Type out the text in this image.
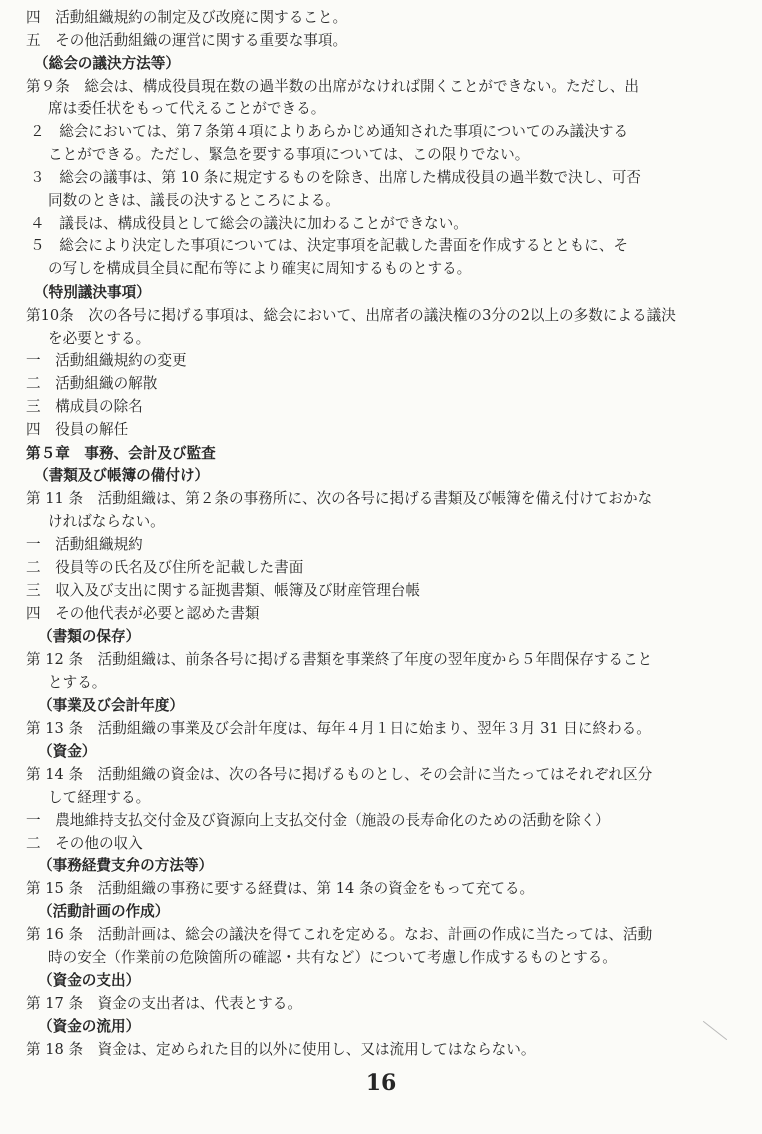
四　活動組織規約の制定及び改廃に関すること。
五　その他活動組織の運営に関する重要な事項。
（総会の議決方法等）
第９条　総会は、構成役員現在数の過半数の出席がなければ開くことができない。ただし、出
席は委任状をもって代えることができる。
２　総会においては、第７条第４項によりあらかじめ通知された事項についてのみ議決する
ことができる。ただし、緊急を要する事項については、この限りでない。
３　総会の議事は、第 10 条に規定するものを除き、出席した構成役員の過半数で決し、可否
同数のときは、議長の決するところによる。
４　議長は、構成役員として総会の議決に加わることができない。
５　総会により決定した事項については、決定事項を記載した書面を作成するとともに、そ
の写しを構成員全員に配布等により確実に周知するものとする。
（特別議決事項）
第10条　次の各号に掲げる事項は、総会において、出席者の議決権の3分の2以上の多数による議決
を必要とする。
一　活動組織規約の変更
二　活動組織の解散
三　構成員の除名
四　役員の解任
第５章　事務、会計及び監査
（書類及び帳簿の備付け）
第 11 条　活動組織は、第２条の事務所に、次の各号に掲げる書類及び帳簿を備え付けておかな
ければならない。
一　活動組織規約
二　役員等の氏名及び住所を記載した書面
三　収入及び支出に関する証拠書類、帳簿及び財産管理台帳
四　その他代表が必要と認めた書類
（書類の保存）
第 12 条　活動組織は、前条各号に掲げる書類を事業終了年度の翌年度から５年間保存すること
とする。
（事業及び会計年度）
第 13 条　活動組織の事業及び会計年度は、毎年４月１日に始まり、翌年３月 31 日に終わる。
（資金）
第 14 条　活動組織の資金は、次の各号に掲げるものとし、その会計に当たってはそれぞれ区分
して経理する。
一　農地維持支払交付金及び資源向上支払交付金（施設の長寿命化のための活動を除く）
二　その他の収入
（事務経費支弁の方法等）
第 15 条　活動組織の事務に要する経費は、第 14 条の資金をもって充てる。
（活動計画の作成）
第 16 条　活動計画は、総会の議決を得てこれを定める。なお、計画の作成に当たっては、活動
時の安全（作業前の危険箇所の確認・共有など）について考慮し作成するものとする。
（資金の支出）
第 17 条　資金の支出者は、代表とする。
（資金の流用）
第 18 条　資金は、定められた目的以外に使用し、又は流用してはならない。
16
